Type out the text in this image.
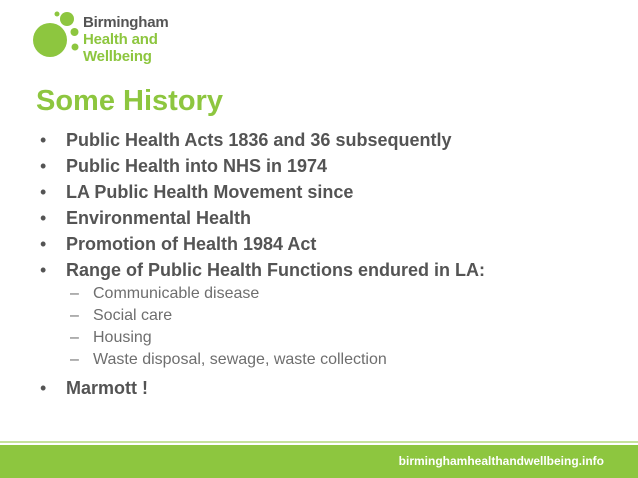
Birmingham
Health and Wellbeing
Some History
• Public Health Acts 1836 and 36 subsequently
• Public Health into NHS in 1974
• LA Public Health Movement since
• Environmental Health
• Promotion of Health 1984 Act
• Range of Public Health Functions endured in LA:
– Communicable disease
– Social care
– Housing
– Waste disposal, sewage, waste collection
• Marmott !
birminghamhealthandwellbeing.info
